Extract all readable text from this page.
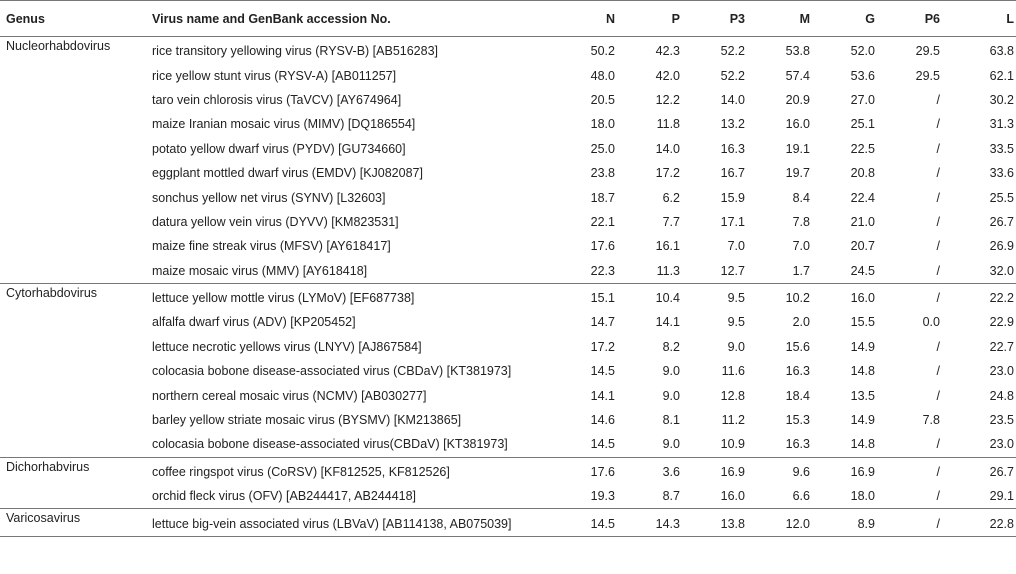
Genus	Virus name and GenBank accession No.	N	P	P3	M	G	P6	L
Nucleorhabdovirus	rice transitory yellowing virus (RYSV-B) [AB516283]	50.2	42.3	52.2	53.8	52.0	29.5	63.8
	rice yellow stunt virus (RYSV-A) [AB011257]	48.0	42.0	52.2	57.4	53.6	29.5	62.1
	taro vein chlorosis virus (TaVCV) [AY674964]	20.5	12.2	14.0	20.9	27.0	/	30.2
	maize Iranian mosaic virus (MIMV) [DQ186554]	18.0	11.8	13.2	16.0	25.1	/	31.3
	potato yellow dwarf virus (PYDV) [GU734660]	25.0	14.0	16.3	19.1	22.5	/	33.5
	eggplant mottled dwarf virus (EMDV) [KJ082087]	23.8	17.2	16.7	19.7	20.8	/	33.6
	sonchus yellow net virus (SYNV) [L32603]	18.7	6.2	15.9	8.4	22.4	/	25.5
	datura yellow vein virus (DYVV) [KM823531]	22.1	7.7	17.1	7.8	21.0	/	26.7
	maize fine streak virus (MFSV) [AY618417]	17.6	16.1	7.0	7.0	20.7	/	26.9
	maize mosaic virus (MMV) [AY618418]	22.3	11.3	12.7	1.7	24.5	/	32.0
Cytorhabdovirus	lettuce yellow mottle virus (LYMoV) [EF687738]	15.1	10.4	9.5	10.2	16.0	/	22.2
	alfalfa dwarf virus (ADV) [KP205452]	14.7	14.1	9.5	2.0	15.5	0.0	22.9
	lettuce necrotic yellows virus (LNYV) [AJ867584]	17.2	8.2	9.0	15.6	14.9	/	22.7
	colocasia bobone disease-associated virus (CBDaV) [KT381973]	14.5	9.0	11.6	16.3	14.8	/	23.0
	northern cereal mosaic virus (NCMV) [AB030277]	14.1	9.0	12.8	18.4	13.5	/	24.8
	barley yellow striate mosaic virus (BYSMV) [KM213865]	14.6	8.1	11.2	15.3	14.9	7.8	23.5
	colocasia bobone disease-associated virus(CBDaV) [KT381973]	14.5	9.0	10.9	16.3	14.8	/	23.0
Dichorhabvirus	coffee ringspot virus (CoRSV) [KF812525, KF812526]	17.6	3.6	16.9	9.6	16.9	/	26.7
	orchid fleck virus (OFV) [AB244417, AB244418]	19.3	8.7	16.0	6.6	18.0	/	29.1
Varicosavirus	lettuce big-vein associated virus (LBVaV) [AB114138, AB075039]	14.5	14.3	13.8	12.0	8.9	/	22.8
